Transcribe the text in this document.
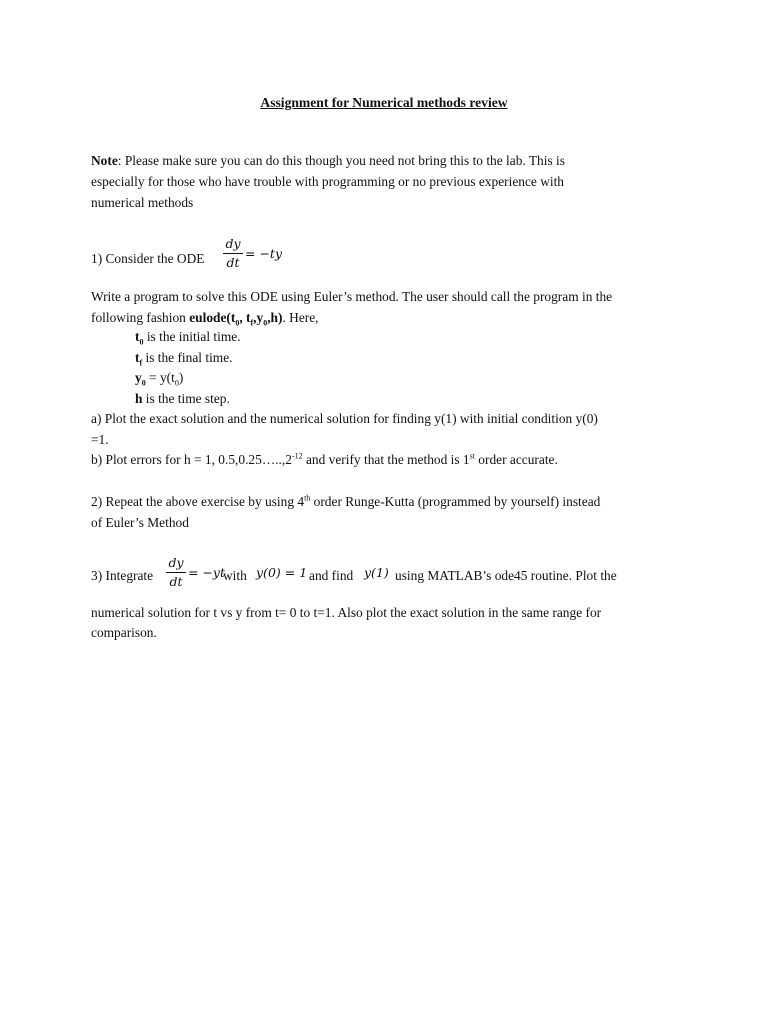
Assignment for Numerical methods review
Note: Please make sure you can do this though you need not bring this to the lab. This is
especially for those who have trouble with programming or no previous experience with
numerical methods
1) Consider the ODE
dy
dt
= −ty
Write a program to solve this ODE using Euler’s method. The user should call the program in the
following fashion $eulode(t_0$, $t_f,y_0,h$). Here,
$t_0$ is the initial time.
$t_f$ is the final time.
$y_0 = y(t_0)$
h is the time step.
a) Plot the exact solution and the numerical solution for finding y(1) with initial condition y(0)
=1.
b) Plot errors for h = 1, $0.5,0.25\dots..,2^{-12}$ and verify that the method is 1st order accurate.
2) Repeat the above exercise by using 4th order Runge-Kutta (programmed by yourself) instead
of Euler’s Method
3) Integrate
dy
dt
= −yt
with y(0) = 1 and find y(1) using MATLAB’s ode45 routine. Plot the
numerical solution for t vs y from t= 0 to t=1. Also plot the exact solution in the same range for
comparison.
